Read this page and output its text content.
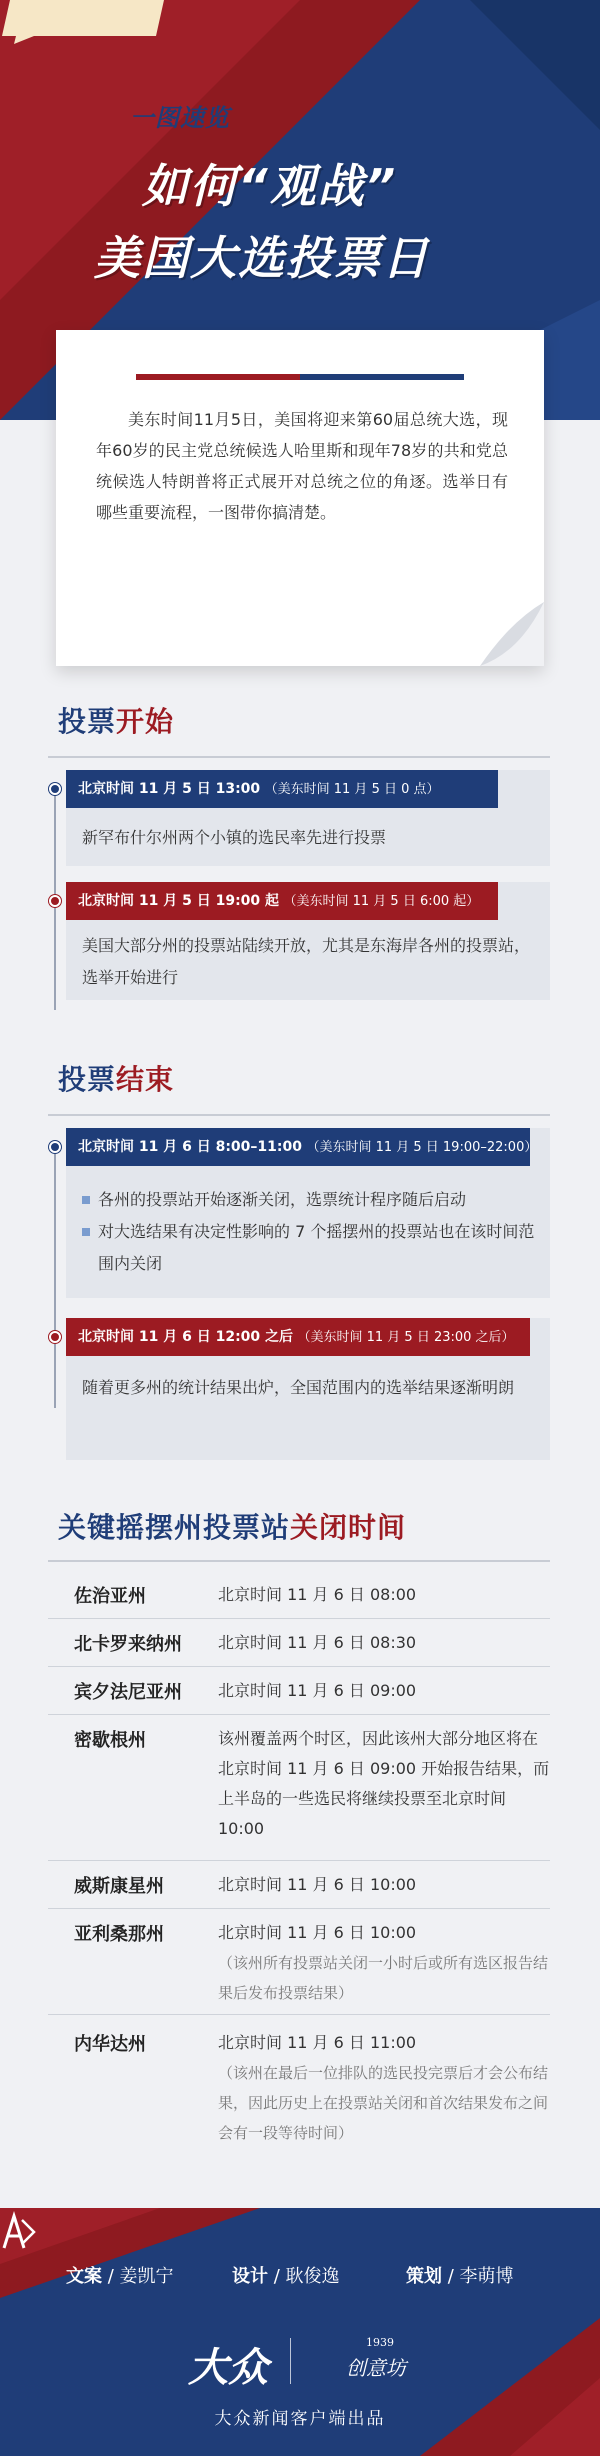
一图速览
如何“观战”
美国大选投票日

美东时间11月5日，美国将迎来第60届总统大选，现年60岁的民主党总统候选人哈里斯和现年78岁的共和党总统候选人特朗普将正式展开对总统之位的角逐。选举日有哪些重要流程，一图带你搞清楚。

投票开始
北京时间 11 月 5 日 13:00 （美东时间 11 月 5 日 0 点）
新罕布什尔州两个小镇的选民率先进行投票
北京时间 11 月 5 日 19:00 起 （美东时间 11 月 5 日 6:00 起）
美国大部分州的投票站陆续开放，尤其是东海岸各州的投票站，选举开始进行
投票结束
北京时间 11 月 6 日 8:00–11:00 （美东时间 11 月 5 日 19:00–22:00）
各州的投票站开始逐渐关闭，选票统计程序随后启动
对大选结果有决定性影响的 7 个摇摆州的投票站也在该时间范围内关闭
北京时间 11 月 6 日 12:00 之后 （美东时间 11 月 5 日 23:00 之后）
随着更多州的统计结果出炉，全国范围内的选举结果逐渐明朗
关键摇摆州投票站关闭时间
佐治亚州	北京时间 11 月 6 日 08:00
北卡罗来纳州 北京时间 11 月 6 日 08:30
宾夕法尼亚州 北京时间 11 月 6 日 09:00
密歇根州	该州覆盖两个时区，因此该州大部分地区将在北京时间 11 月 6 日 09:00 开始报告结果，而上半岛的一些选民将继续投票至北京时间 10:00
威斯康星州	北京时间 11 月 6 日 10:00
亚利桑那州	北京时间 11 月 6 日 10:00
（该州所有投票站关闭一小时后或所有选区报告结果后发布投票结果）
内华达州	北京时间 11 月 6 日 11:00
（该州在最后一位排队的选民投完票后才会公布结果，因此历史上在投票站关闭和首次结果发布之间会有一段等待时间）
文案 / 姜凯宁	设计 / 耿俊逸	策划 / 李萌博
大众
1939
创意坊
大众新闻客户端出品
